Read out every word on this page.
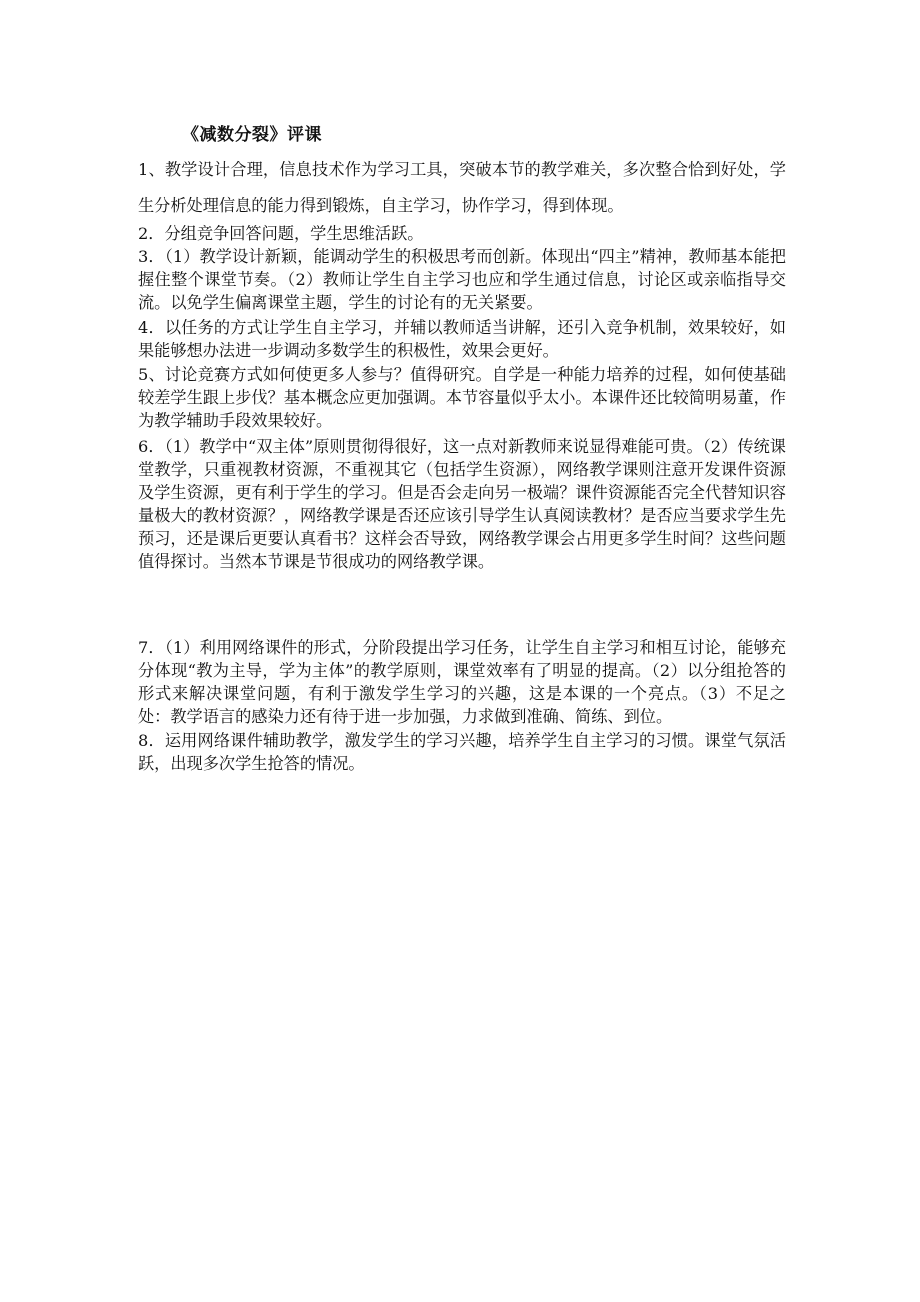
《减数分裂》评课

1、教学设计合理，信息技术作为学习工具，突破本节的教学难关，多次整合恰到好处，学生分析处理信息的能力得到锻炼，自主学习，协作学习，得到体现。

2．分组竞争回答问题，学生思维活跃。

3．（1）教学设计新颖，能调动学生的积极思考而创新。体现出“四主”精神，教师基本能把握住整个课堂节奏。（2）教师让学生自主学习也应和学生通过信息，讨论区或亲临指导交流。以免学生偏离课堂主题，学生的讨论有的无关紧要。

4．以任务的方式让学生自主学习，并辅以教师适当讲解，还引入竞争机制，效果较好，如果能够想办法进一步调动多数学生的积极性，效果会更好。

5、讨论竞赛方式如何使更多人参与？值得研究。自学是一种能力培养的过程，如何使基础较差学生跟上步伐？基本概念应更加强调。本节容量似乎太小。本课件还比较简明易董，作为教学辅助手段效果较好。

6．（1）教学中“双主体”原则贯彻得很好，这一点对新教师来说显得难能可贵。（2）传统课堂教学，只重视教材资源，不重视其它（包括学生资源），网络教学课则注意开发课件资源及学生资源，更有利于学生的学习。但是否会走向另一极端？课件资源能否完全代替知识容量极大的教材资源？，网络教学课是否还应该引导学生认真阅读教材？是否应当要求学生先预习，还是课后更要认真看书？这样会否导致，网络教学课会占用更多学生时间？这些问题值得探讨。当然本节课是节很成功的网络教学课。

7．（1）利用网络课件的形式，分阶段提出学习任务，让学生自主学习和相互讨论，能够充分体现“教为主导，学为主体”的教学原则，课堂效率有了明显的提高。（2）以分组抢答的形式来解决课堂问题，有利于激发学生学习的兴趣，这是本课的一个亮点。（3）不足之处：教学语言的感染力还有待于进一步加强，力求做到准确、简练、到位。

8．运用网络课件辅助教学，激发学生的学习兴趣，培养学生自主学习的习惯。课堂气氛活跃，出现多次学生抢答的情况。
